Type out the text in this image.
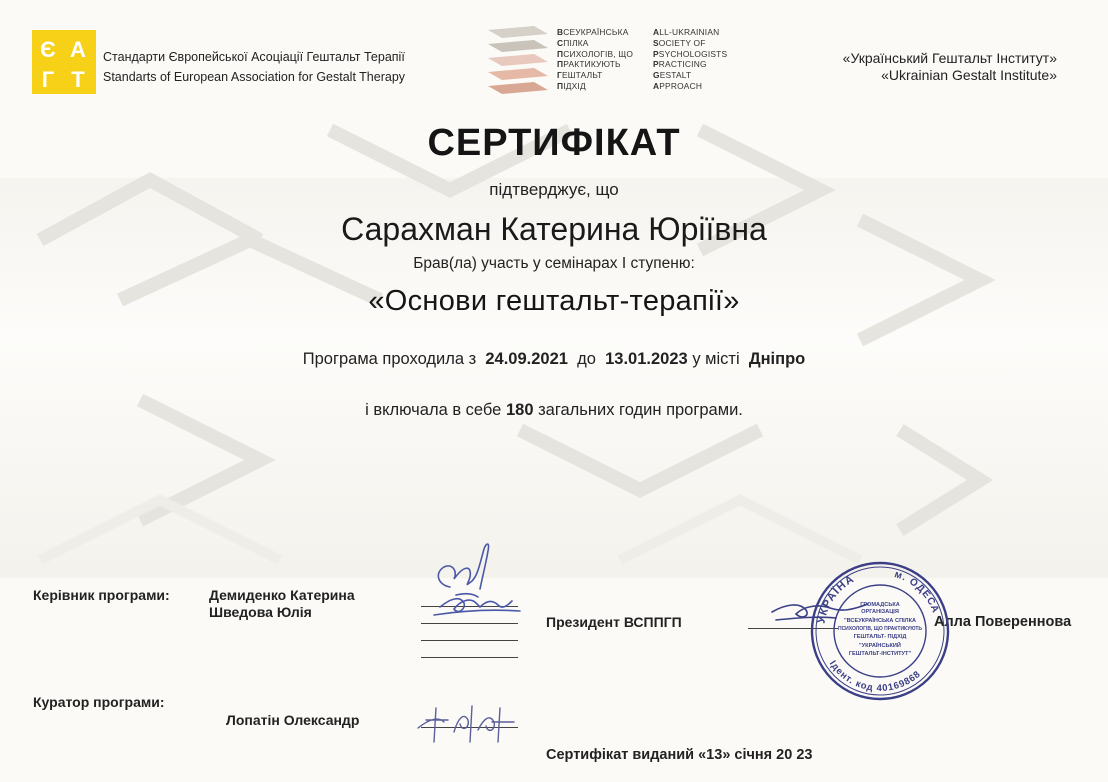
Є А
Г Т
Стандарти Європейської Асоціації Гештальт Терапії
Standarts of European Association for Gestalt Therapy
ВСЕУКРАЇНСЬКА
СПІЛКА
ПСИХОЛОГІВ, ЩО
ПРАКТИКУЮТЬ
ГЕШТАЛЬТ
ПІДХІД
ALL-UKRAINIAN
SOCIETY OF
PSYCHOLOGISTS
PRACTICING
GESTALT
APPROACH
«Український Гештальт Інститут»
«Ukrainian Gestalt Institute»
СЕРТИФІКАТ
підтверджує, що
Сарахман Катерина Юріївна
Брав(ла) участь у семінарах І ступеню:
«Основи гештальт-терапії»
Програма проходила з 24.09.2021 до 13.01.2023 у місті Дніпро
і включала в себе 180 загальних годин програми.
Керівник програми:	Демиденко Катерина
Шведова Юлія
Президент ВСППГП	Алла Повереннова
УКРАЇНА	м. ОДЕСА
Ідент. код 40169868
ГРОМАДСЬКА
ОРГАНІЗАЦІЯ
"ВСЕУКРАЇНСЬКА СПІЛКА
ПСИХОЛОГІВ, ЩО ПРАКТИКУЮТЬ
ГЕШТАЛЬТ- ПІДХІД
"УКРАЇНСЬКИЙ
ГЕШТАЛЬТ-ІНСТИТУТ"
Куратор програми:
Лопатін Олександр
Сертифікат виданий «13» січня 20 23
